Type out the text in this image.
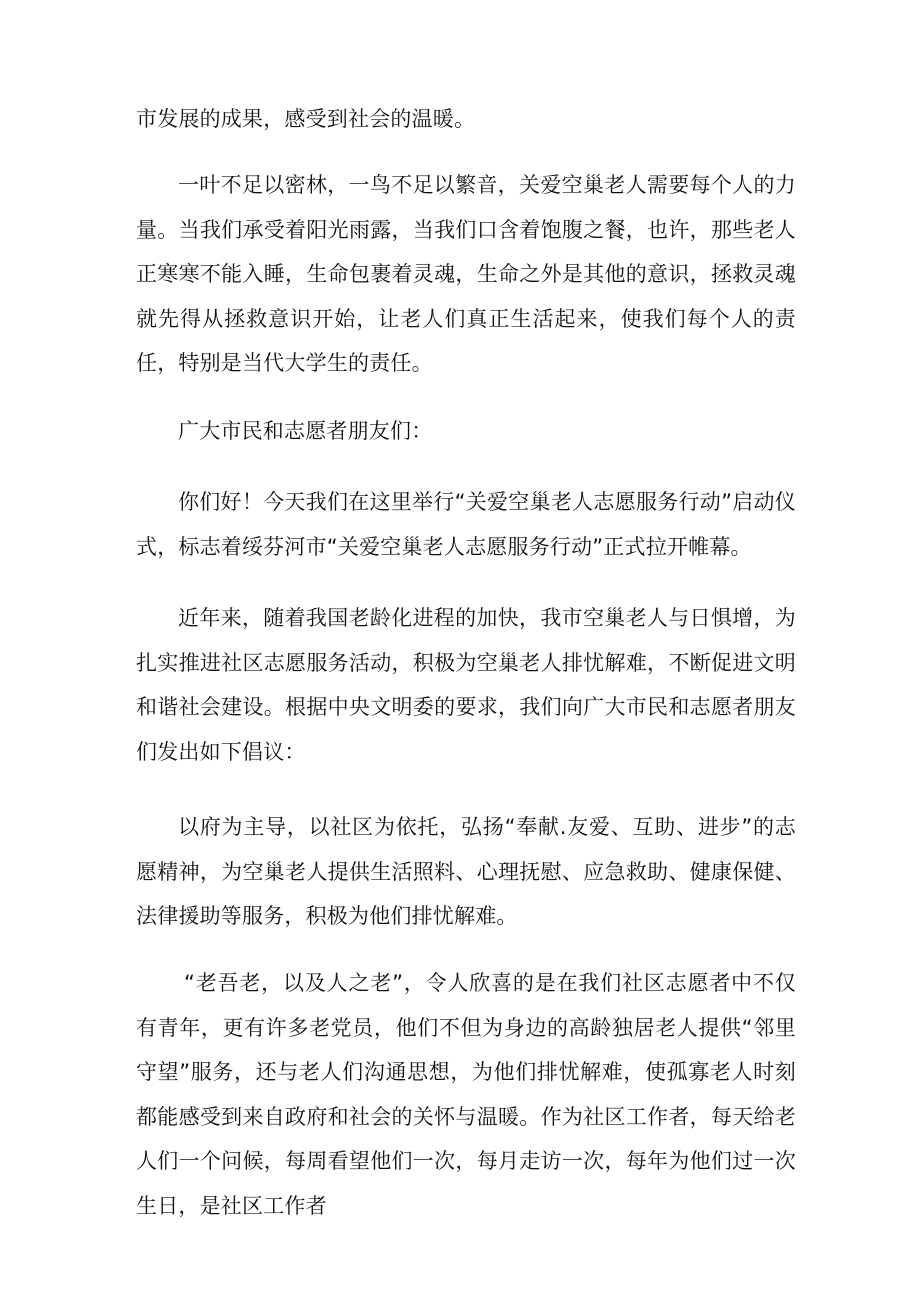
市发展的成果，感受到社会的温暖。

一叶不足以密林，一鸟不足以繁音，关爱空巢老人需要每个人的力量。当我们承受着阳光雨露，当我们口含着饱腹之餐，也许，那些老人正寒寒不能入睡，生命包裹着灵魂，生命之外是其他的意识，拯救灵魂就先得从拯救意识开始，让老人们真正生活起来，使我们每个人的责任，特别是当代大学生的责任。

广大市民和志愿者朋友们：

你们好！今天我们在这里举行“关爱空巢老人志愿服务行动”启动仪式，标志着绥芬河市“关爱空巢老人志愿服务行动”正式拉开帷幕。

近年来，随着我国老龄化进程的加快，我市空巢老人与日惧增，为扎实推进社区志愿服务活动，积极为空巢老人排忧解难，不断促进文明和谐社会建设。根据中央文明委的要求，我们向广大市民和志愿者朋友们发出如下倡议：

以府为主导，以社区为依托，弘扬“奉献.友爱、互助、进步”的志愿精神，为空巢老人提供生活照料、心理抚慰、应急救助、健康保健、法律援助等服务，积极为他们排忧解难。

“老吾老，以及人之老”，令人欣喜的是在我们社区志愿者中不仅有青年，更有许多老党员，他们不但为身边的高龄独居老人提供“邻里守望”服务，还与老人们沟通思想，为他们排忧解难，使孤寡老人时刻都能感受到来自政府和社会的关怀与温暖。作为社区工作者，每天给老人们一个问候，每周看望他们一次，每月走访一次，每年为他们过一次生日，是社区工作者
